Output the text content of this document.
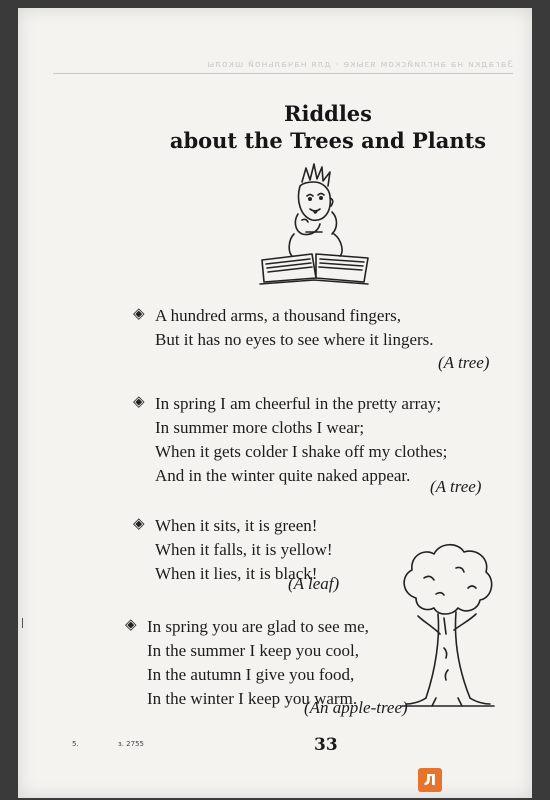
Загадки на английском языке · для начальной школы
Riddles
about the Trees and Plants
◈ A hundred arms, a thousand fingers,
But it has no eyes to see where it lingers.
(A tree)
◈ In spring I am cheerful in the pretty array;
In summer more cloths I wear;
When it gets colder I shake off my clothes;
And in the winter quite naked appear.
(A tree)
◈ When it sits, it is green!
When it falls, it is yellow!
When it lies, it is black!
(A leaf)
◈ In spring you are glad to see me,
In the summer I keep you cool,
In the autumn I give you food,
In the winter I keep you warm.
(An apple-tree)
5.	з. 2755	33
Л
